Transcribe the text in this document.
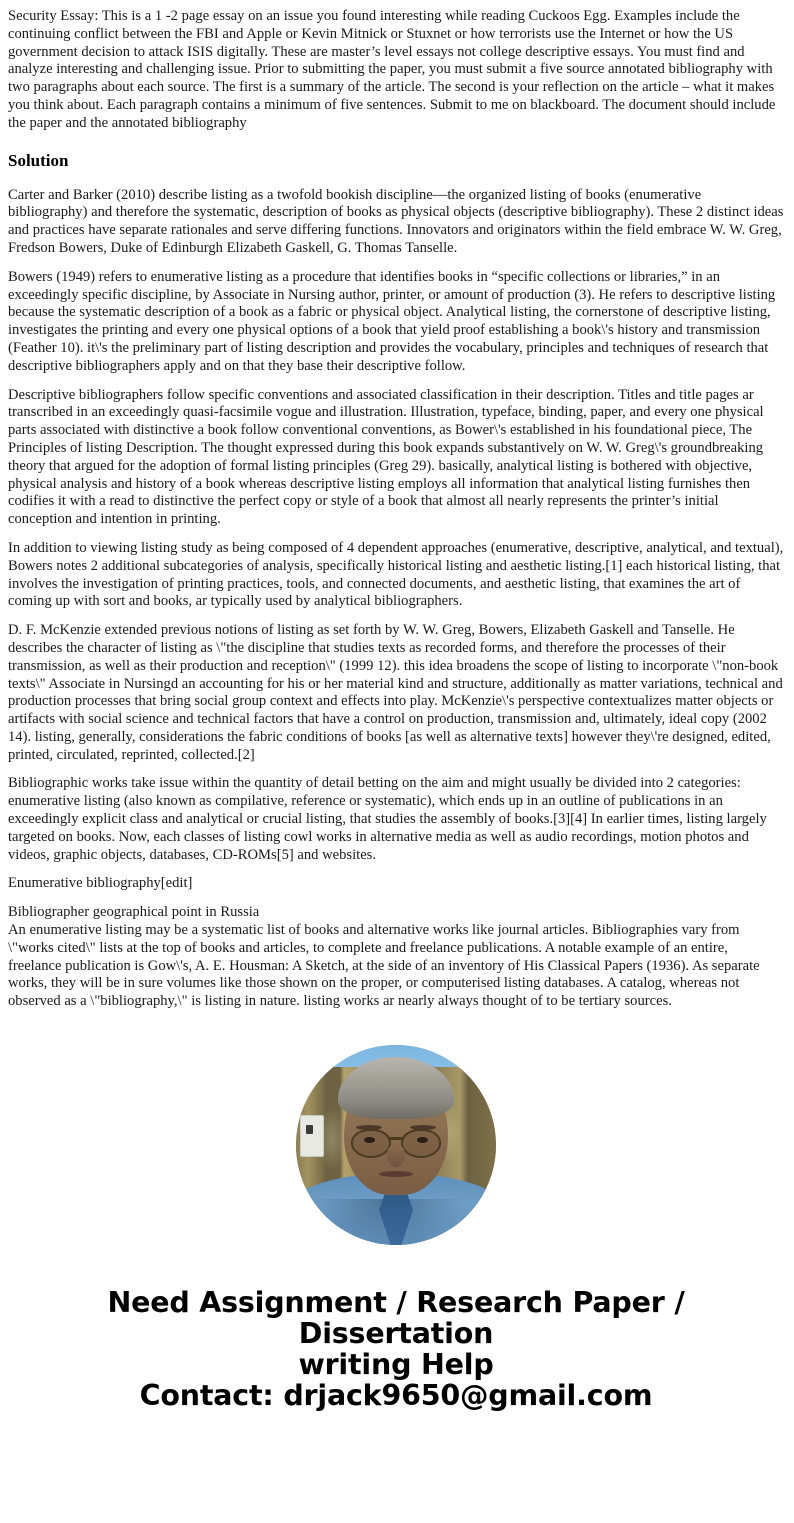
Security Essay: This is a 1 -2 page essay on an issue you found interesting while reading Cuckoos Egg. Examples include the continuing conflict between the FBI and Apple or Kevin Mitnick or Stuxnet or how terrorists use the Internet or how the US government decision to attack ISIS digitally. These are master’s level essays not college descriptive essays. You must find and analyze interesting and challenging issue. Prior to submitting the paper, you must submit a five source annotated bibliography with two paragraphs about each source. The first is a summary of the article. The second is your reflection on the article – what it makes you think about. Each paragraph contains a minimum of five sentences. Submit to me on blackboard. The document should include the paper and the annotated bibliography

Solution

Carter and Barker (2010) describe listing as a twofold bookish discipline—the organized listing of books (enumerative bibliography) and therefore the systematic, description of books as physical objects (descriptive bibliography). These 2 distinct ideas and practices have separate rationales and serve differing functions. Innovators and originators within the field embrace W. W. Greg, Fredson Bowers, Duke of Edinburgh Elizabeth Gaskell, G. Thomas Tanselle.

Bowers (1949) refers to enumerative listing as a procedure that identifies books in “specific collections or libraries,” in an exceedingly specific discipline, by Associate in Nursing author, printer, or amount of production (3). He refers to descriptive listing because the systematic description of a book as a fabric or physical object. Analytical listing, the cornerstone of descriptive listing, investigates the printing and every one physical options of a book that yield proof establishing a book\'s history and transmission (Feather 10). it\'s the preliminary part of listing description and provides the vocabulary, principles and techniques of research that descriptive bibliographers apply and on that they base their descriptive follow.

Descriptive bibliographers follow specific conventions and associated classification in their description. Titles and title pages ar transcribed in an exceedingly quasi-facsimile vogue and illustration. Illustration, typeface, binding, paper, and every one physical parts associated with distinctive a book follow conventional conventions, as Bower\'s established in his foundational piece, The Principles of listing Description. The thought expressed during this book expands substantively on W. W. Greg\'s groundbreaking theory that argued for the adoption of formal listing principles (Greg 29). basically, analytical listing is bothered with objective, physical analysis and history of a book whereas descriptive listing employs all information that analytical listing furnishes then codifies it with a read to distinctive the perfect copy or style of a book that almost all nearly represents the printer’s initial conception and intention in printing.

In addition to viewing listing study as being composed of 4 dependent approaches (enumerative, descriptive, analytical, and textual), Bowers notes 2 additional subcategories of analysis, specifically historical listing and aesthetic listing.[1] each historical listing, that involves the investigation of printing practices, tools, and connected documents, and aesthetic listing, that examines the art of coming up with sort and books, ar typically used by analytical bibliographers.

D. F. McKenzie extended previous notions of listing as set forth by W. W. Greg, Bowers, Elizabeth Gaskell and Tanselle. He describes the character of listing as \"the discipline that studies texts as recorded forms, and therefore the processes of their transmission, as well as their production and reception\" (1999 12). this idea broadens the scope of listing to incorporate \"non-book texts\" Associate in Nursingd an accounting for his or her material kind and structure, additionally as matter variations, technical and production processes that bring social group context and effects into play. McKenzie\'s perspective contextualizes matter objects or artifacts with social science and technical factors that have a control on production, transmission and, ultimately, ideal copy (2002 14). listing, generally, considerations the fabric conditions of books [as well as alternative texts] however they\'re designed, edited, printed, circulated, reprinted, collected.[2]

Bibliographic works take issue within the quantity of detail betting on the aim and might usually be divided into 2 categories: enumerative listing (also known as compilative, reference or systematic), which ends up in an outline of publications in an exceedingly explicit class and analytical or crucial listing, that studies the assembly of books.[3][4] In earlier times, listing largely targeted on books. Now, each classes of listing cowl works in alternative media as well as audio recordings, motion photos and videos, graphic objects, databases, CD-ROMs[5] and websites.

Enumerative bibliography[edit]

Bibliographer geographical point in Russia

An enumerative listing may be a systematic list of books and alternative works like journal articles. Bibliographies vary from \"works cited\" lists at the top of books and articles, to complete and freelance publications. A notable example of an entire, freelance publication is Gow\'s, A. E. Housman: A Sketch, at the side of an inventory of His Classical Papers (1936). As separate works, they will be in sure volumes like those shown on the proper, or computerised listing databases. A catalog, whereas not observed as a \"bibliography,\" is listing in nature. listing works ar nearly always thought of to be tertiary sources.

Need Assignment / Research Paper / Dissertation
writing Help
Contact: drjack9650@gmail.com
